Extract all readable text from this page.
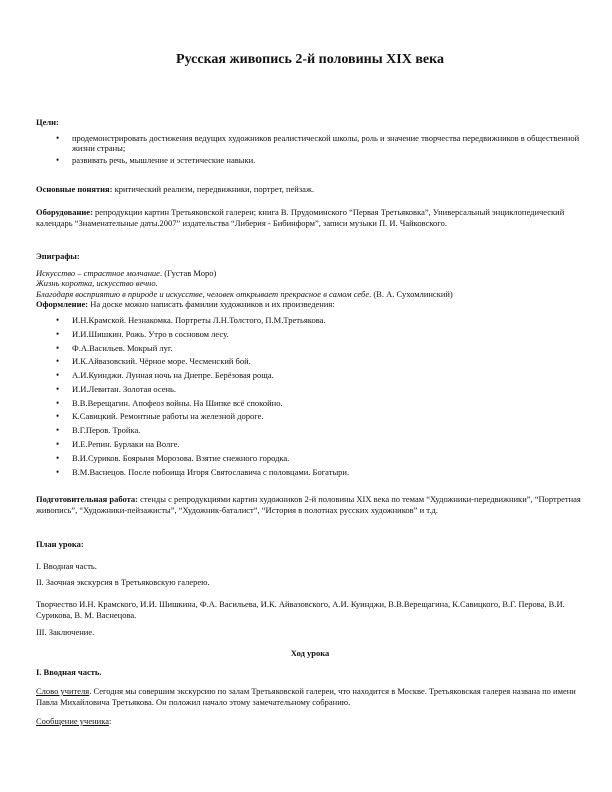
Русская живопись 2-й половины XIX века

Цели:

• продемонстрировать достижения ведущих художников реалистической школы, роль и значение творчества передвижников в общественной жизни страны;
• развивать речь, мышление и эстетические навыки.

Основные понятия: критический реализм, передвижники, портрет, пейзаж.

Оборудование: репродукции картин Третьяковской галереи; книга В. Прудоминского “Первая Третьяковка”, Универсальный энциклопедический календарь “Знаменательные даты.2007” издательства “Либерия - Бибинформ”, записи музыки П. И. Чайковского.

Эпиграфы:

Искусство – страстное молчание. (Густав Моро)

Жизнь коротка, искусство вечно.

Благодаря восприятию в природе и искусстве, человек открывает прекрасное в самом себе. (В. А. Сухомлинский)

Оформление: На доске можно написать фамилии художников и их произведения:

• И.Н.Крамской. Незнакомка. Портреты Л.Н.Толстого, П.М.Третьякова.
• И.И.Шишкин. Рожь. Утро в сосновом лесу.
• Ф.А.Васильев. Мокрый луг.
• И.К.Айвазовский. Чёрное море. Чесменский бой.
• А.И.Куинджи. Лунная ночь на Днепре. Берёзовая роща.
• И.И.Левитан. Золотая осень.
• В.В.Верещагин. Апофеоз войны. На Шипке всё спокойно.
• К.Савицкий. Ремонтные работы на железной дороге.
• В.Г.Перов. Тройка.
• И.Е.Репин. Бурлаки на Волге.
• В.И.Суриков. Боярыня Морозова. Взятие снежного городка.
• В.М.Васнецов. После побоища Игоря Святославича с половцами. Богатыри.

Подготовительная работа: стенды с репродукциями картин художников 2-й половины XIX века по темам “Художники-передвижники”, “Портретная живопись”, “Художники-пейзажисты”, “Художник-баталист”, “История в полотнах русских художников” и т.д.

План урока:

I. Вводная часть.

II. Заочная экскурсия в Третьяковскую галерею.

Творчество И.Н. Крамского, И.И. Шишкина, Ф.А. Васильева, И.К. Айвазовского, А.И. Куинджи, В.В.Верещагина, К.Савицкого, В.Г. Перова, В.И. Сурикова, В. М. Васнецова.

III. Заключение.

Ход урока

I. Вводная часть.

Слово учителя. Сегодня мы совершим экскурсию по залам Третьяковской галереи, что находится в Москве. Третьяковская галерея названа по имени Павла Михайловича Третьякова. Он положил начало этому замечательному собранию.

Сообщение ученика:
